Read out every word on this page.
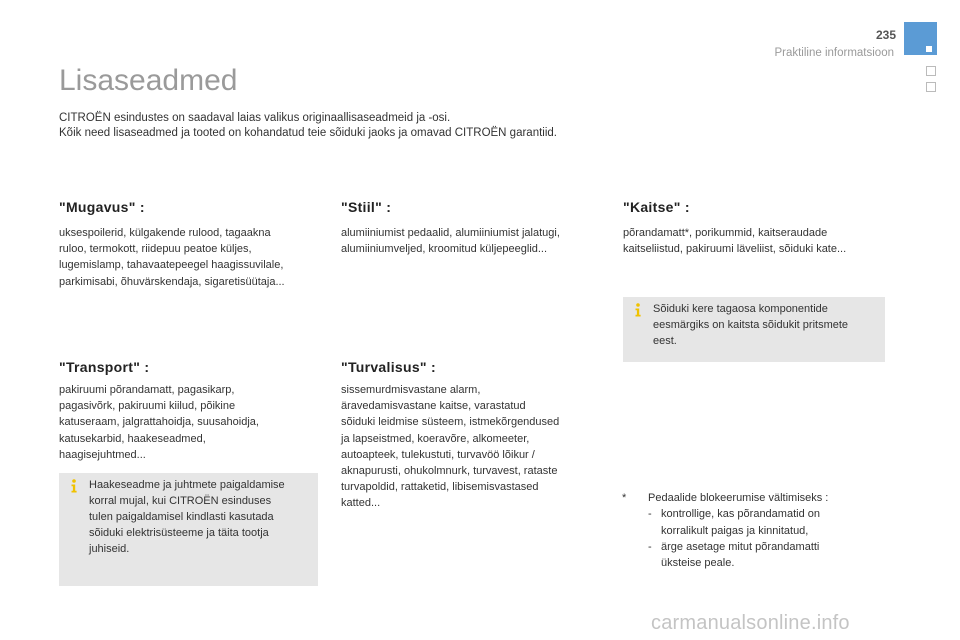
235
Praktiline informatsioon
Lisaseadmed
CITROËN esindustes on saadaval laias valikus originaallisaseadmeid ja -osi.
Kõik need lisaseadmed ja tooted on kohandatud teie sõiduki jaoks ja omavad CITROËN garantiid.
"Mugavus" :
uksespoilerid, külgakende rulood, tagaakna
ruloo, termokott, riidepuu peatoe küljes,
lugemislamp, tahavaatepeegel haagissuvilale,
parkimisabi, õhuvärskendaja, sigaretisüütaja...
"Stiil" :
alumiiniumist pedaalid, alumiiniumist jalatugi,
alumiiniumveljed, kroomitud küljepeeglid...
"Kaitse" :
põrandamatt*, porikummid, kaitseraudade
kaitseliistud, pakiruumi läveliist, sõiduki kate...
Sõiduki kere tagaosa komponentide
eesmärgiks on kaitsta sõidukit pritsmete
eest.
"Transport" :
pakiruumi põrandamatt, pagasikarp,
pagasivõrk, pakiruumi kiilud, põikine
katuseraam, jalgrattahoidja, suusahoidja,
katusekarbid, haakeseadmed,
haagisejuhtmed...
Haakeseadme ja juhtmete paigaldamise
korral mujal, kui CITROËN esinduses
tulen paigaldamisel kindlasti kasutada
sõiduki elektrisüsteeme ja täita tootja
juhiseid.
"Turvalisus" :
sissemurdmisvastane alarm,
äravedamisvastane kaitse, varastatud
sõiduki leidmise süsteem, istmekõrgendused
ja lapseistmed, koeravõre, alkomeeter,
autoapteek, tulekustuti, turvavöö lõikur /
aknapurusti, ohukolmnurk, turvavest, rataste
turvapoldid, rattaketid, libisemisvastased
katted...	* Pedaalide blokeerumise vältimiseks :
- kontrollige, kas põrandamatid on
korralikult paigas ja kinnitatud,
- ärge asetage mitut põrandamatti
üksteise peale.
carmanualsonline.info
